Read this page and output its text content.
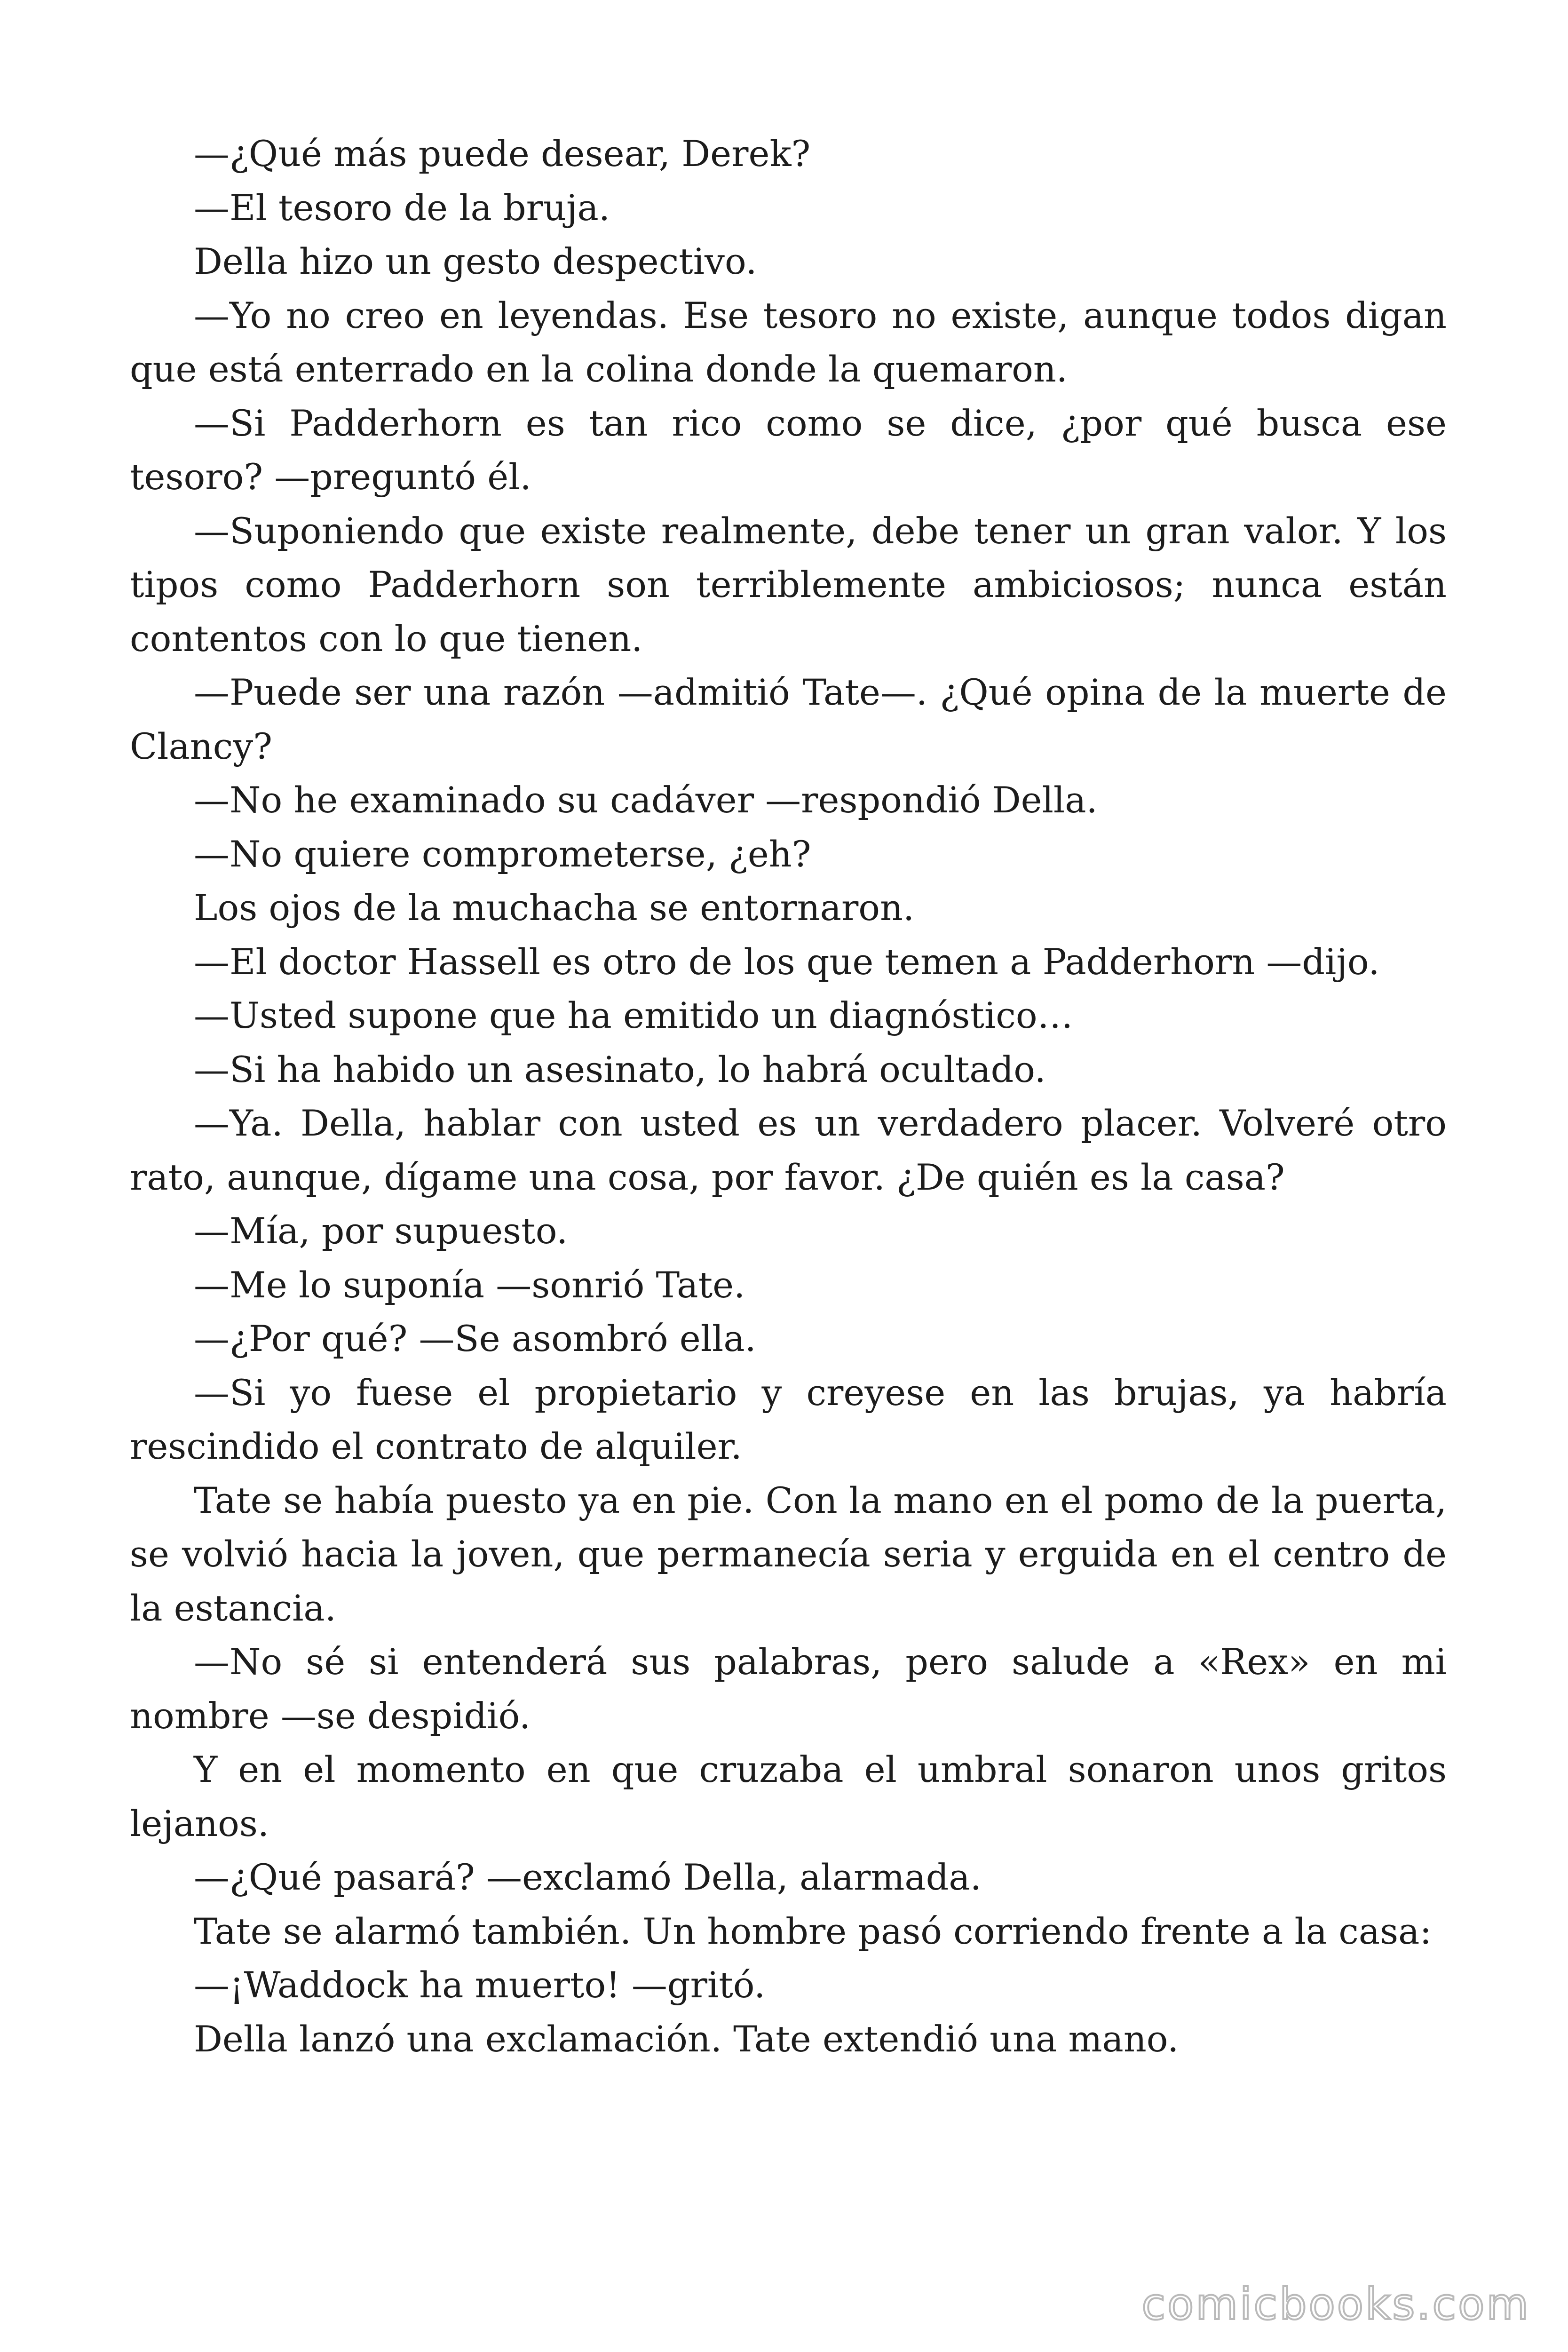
—¿Qué más puede desear, Derek?

—El tesoro de la bruja.

Della hizo un gesto despectivo.

—Yo no creo en leyendas. Ese tesoro no existe, aunque todos digan que está enterrado en la colina donde la quemaron.

—Si Padderhorn es tan rico como se dice, ¿por qué busca ese tesoro? —preguntó él.

—Suponiendo que existe realmente, debe tener un gran valor. Y los tipos como Padderhorn son terriblemente ambiciosos; nunca están contentos con lo que tienen.

—Puede ser una razón —admitió Tate—. ¿Qué opina de la muerte de Clancy?

—No he examinado su cadáver —respondió Della.

—No quiere comprometerse, ¿eh?

Los ojos de la muchacha se entornaron.

—El doctor Hassell es otro de los que temen a Padderhorn —dijo.

—Usted supone que ha emitido un diagnóstico…

—Si ha habido un asesinato, lo habrá ocultado.

—Ya. Della, hablar con usted es un verdadero placer. Volveré otro rato, aunque, dígame una cosa, por favor. ¿De quién es la casa?

—Mía, por supuesto.

—Me lo suponía —sonrió Tate.

—¿Por qué? —Se asombró ella.

—Si yo fuese el propietario y creyese en las brujas, ya habría rescindido el contrato de alquiler.

Tate se había puesto ya en pie. Con la mano en el pomo de la puerta, se volvió hacia la joven, que permanecía seria y erguida en el centro de la estancia.

—No sé si entenderá sus palabras, pero salude a «Rex» en mi nombre —se despidió.

Y en el momento en que cruzaba el umbral sonaron unos gritos lejanos.

—¿Qué pasará? —exclamó Della, alarmada.

Tate se alarmó también. Un hombre pasó corriendo frente a la casa:

—¡Waddock ha muerto! —gritó.

Della lanzó una exclamación. Tate extendió una mano.

comicbooks.com
